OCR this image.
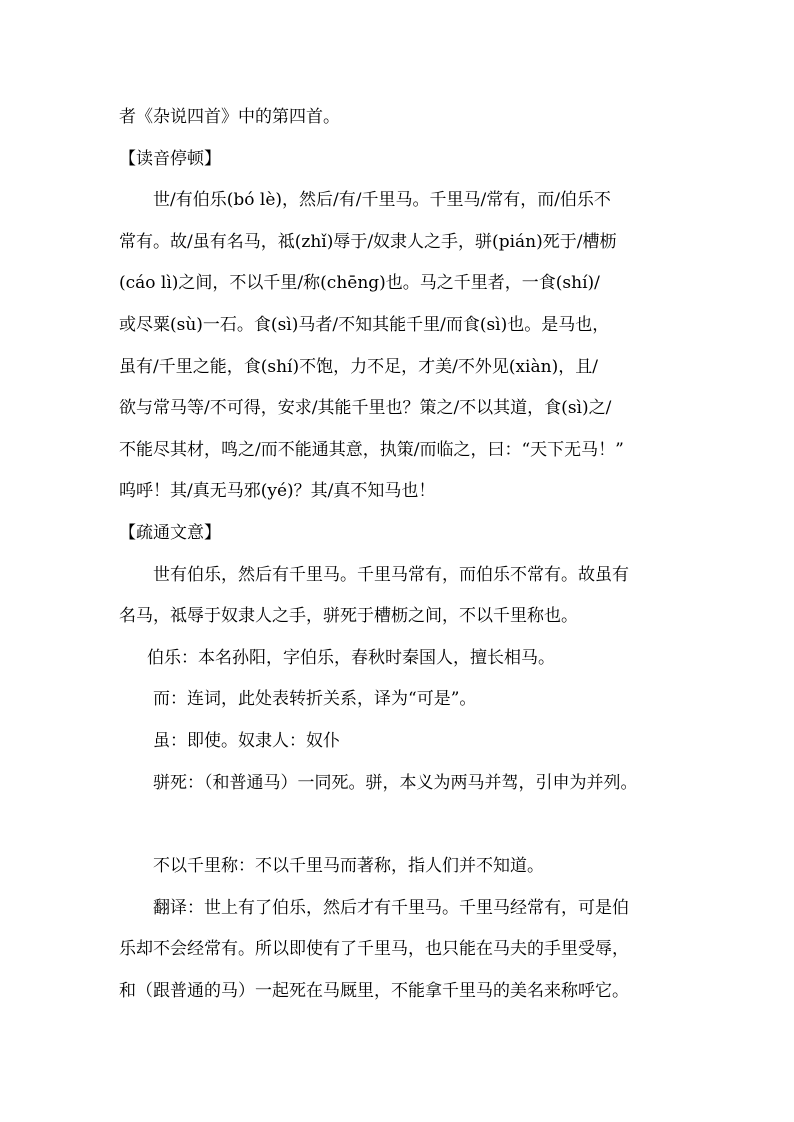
者《杂说四首》中的第四首。
【读音停顿】
世/有伯乐(bó lè)，然后/有/千里马。千里马/常有，而/伯乐不
常有。故/虽有名马，祗(zhǐ)辱于/奴隶人之手，骈(pián)死于/槽枥
(cáo lì)之间，不以千里/称(chēng)也。马之千里者，一食(shí)/
或尽粟(sù)一石。食(sì)马者/不知其能千里/而食(sì)也。是马也，
虽有/千里之能，食(shí)不饱，力不足，才美/不外见(xiàn)，且/
欲与常马等/不可得，安求/其能千里也？策之/不以其道，食(sì)之/
不能尽其材，鸣之/而不能通其意，执策/而临之，曰：“天下无马！”
呜呼！其/真无马邪(yé)？其/真不知马也！
【疏通文意】
世有伯乐，然后有千里马。千里马常有，而伯乐不常有。故虽有
名马，祗辱于奴隶人之手，骈死于槽枥之间，不以千里称也。
伯乐：本名孙阳，字伯乐，春秋时秦国人，擅长相马。
而：连词，此处表转折关系，译为“可是”。
虽：即使。奴隶人：奴仆
骈死：（和普通马）一同死。骈，本义为两马并驾，引申为并列。
不以千里称：不以千里马而著称，指人们并不知道。
翻译：世上有了伯乐，然后才有千里马。千里马经常有，可是伯
乐却不会经常有。所以即使有了千里马，也只能在马夫的手里受辱，
和（跟普通的马）一起死在马厩里，不能拿千里马的美名来称呼它。
